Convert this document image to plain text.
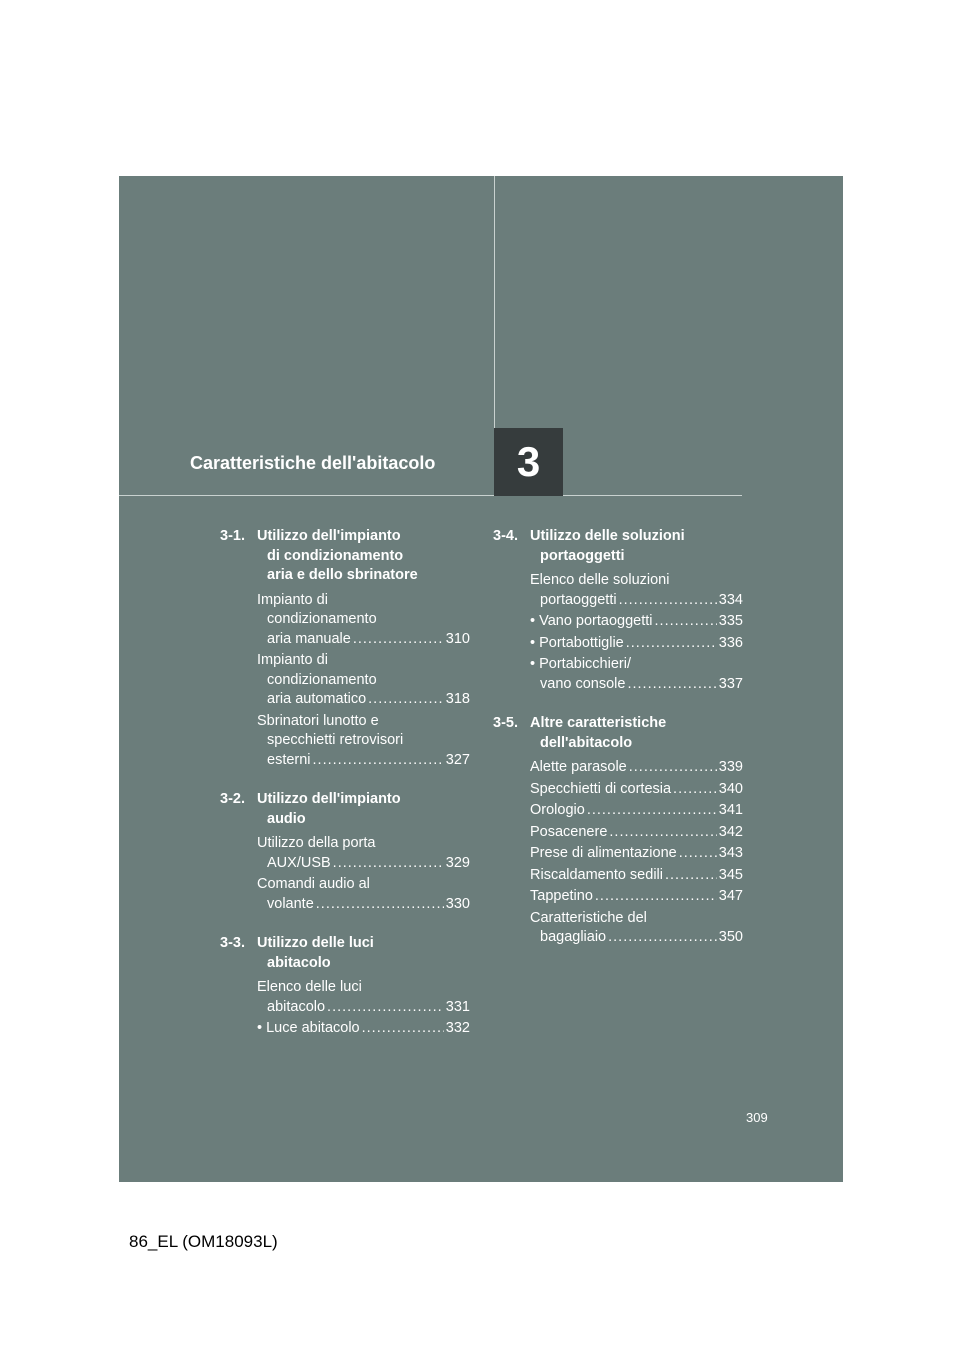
Caratteristiche dell'abitacolo	3
3-1. Utilizzo dell'impianto
di condizionamento
aria e dello sbrinatore
Impianto di
condizionamento
aria manuale .....	310
Impianto di
condizionamento
aria automatico .....	318
Sbrinatori lunotto e
specchietti retrovisori
esterni .....	327
3-2. Utilizzo dell'impianto
audio
Utilizzo della porta
AUX/USB .....	329
Comandi audio al
volante .....	330
3-3. Utilizzo delle luci
abitacolo
Elenco delle luci
abitacolo .....	331
• Luce abitacolo .....	332
3-4. Utilizzo delle soluzioni
portaoggetti
Elenco delle soluzioni
portaoggetti .....	334
• Vano portaoggetti .....	335
• Portabottiglie .....	336
• Portabicchieri/
vano console .....	337
3-5. Altre caratteristiche
dell'abitacolo
Alette parasole .....	339
Specchietti di cortesia .....	340
Orologio .....	341
Posacenere .....	342
Prese di alimentazione .....	343
Riscaldamento sedili .....	345
Tappetino .....	347
Caratteristiche del
bagagliaio .....	350
309
86_EL (OM18093L)
